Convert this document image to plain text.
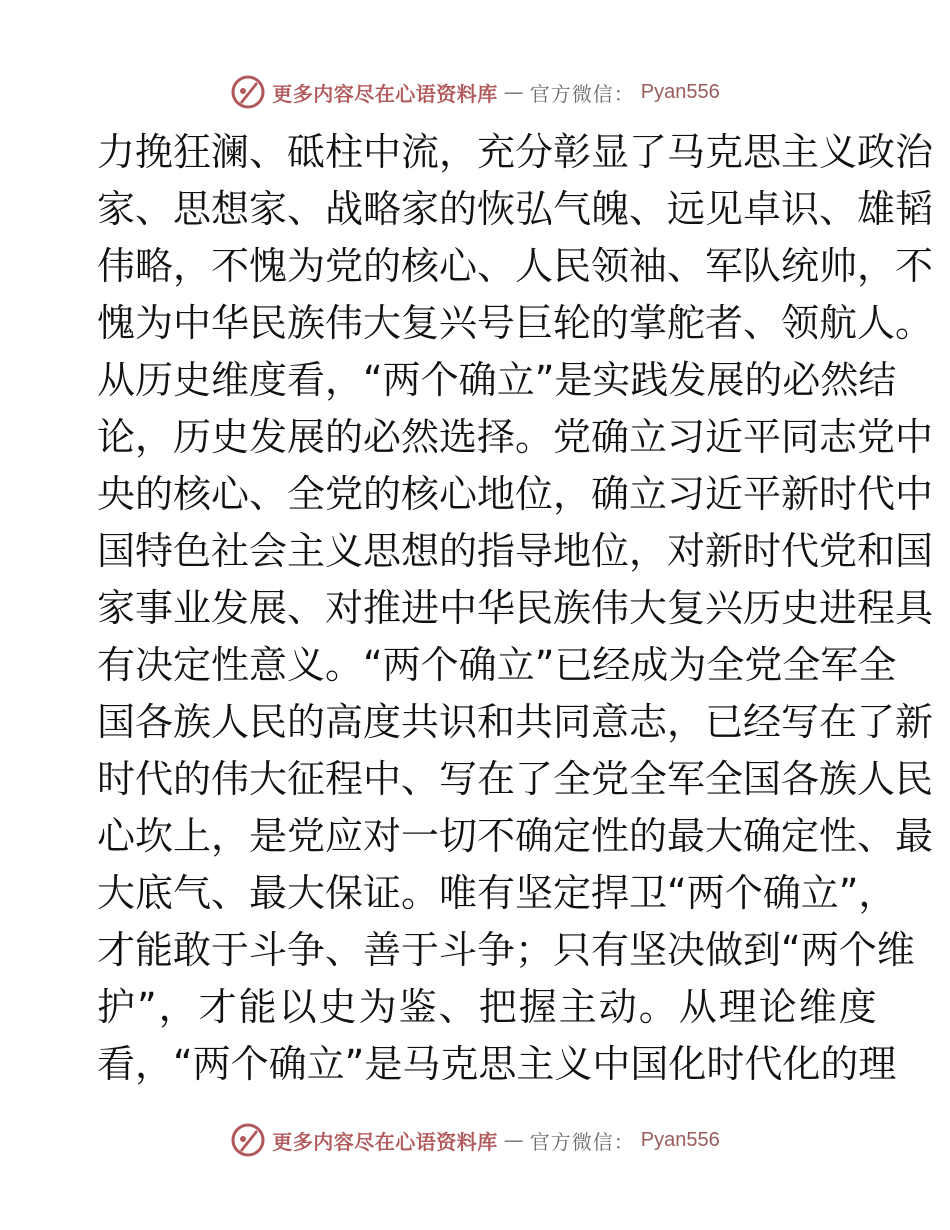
更多内容尽在心语资料库 — 官方微信： Pyan556
力挽狂澜、砥柱中流，充分彰显了马克思主义政治
家、思想家、战略家的恢弘气魄、远见卓识、雄韬
伟略，不愧为党的核心、人民领袖、军队统帅，不
愧为中华民族伟大复兴号巨轮的掌舵者、领航人。
从历史维度看，“两个确立”是实践发展的必然结
论，历史发展的必然选择。党确立习近平同志党中
央的核心、全党的核心地位，确立习近平新时代中
国特色社会主义思想的指导地位，对新时代党和国
家事业发展、对推进中华民族伟大复兴历史进程具
有决定性意义。“两个确立”已经成为全党全军全
国各族人民的高度共识和共同意志，已经写在了新
时代的伟大征程中、写在了全党全军全国各族人民
心坎上，是党应对一切不确定性的最大确定性、最
大底气、最大保证。唯有坚定捍卫“两个确立”，
才能敢于斗争、善于斗争；只有坚决做到“两个维
护”，才能以史为鉴、把握主动。从理论维度
看，“两个确立”是马克思主义中国化时代化的理
更多内容尽在心语资料库 — 官方微信： Pyan556
